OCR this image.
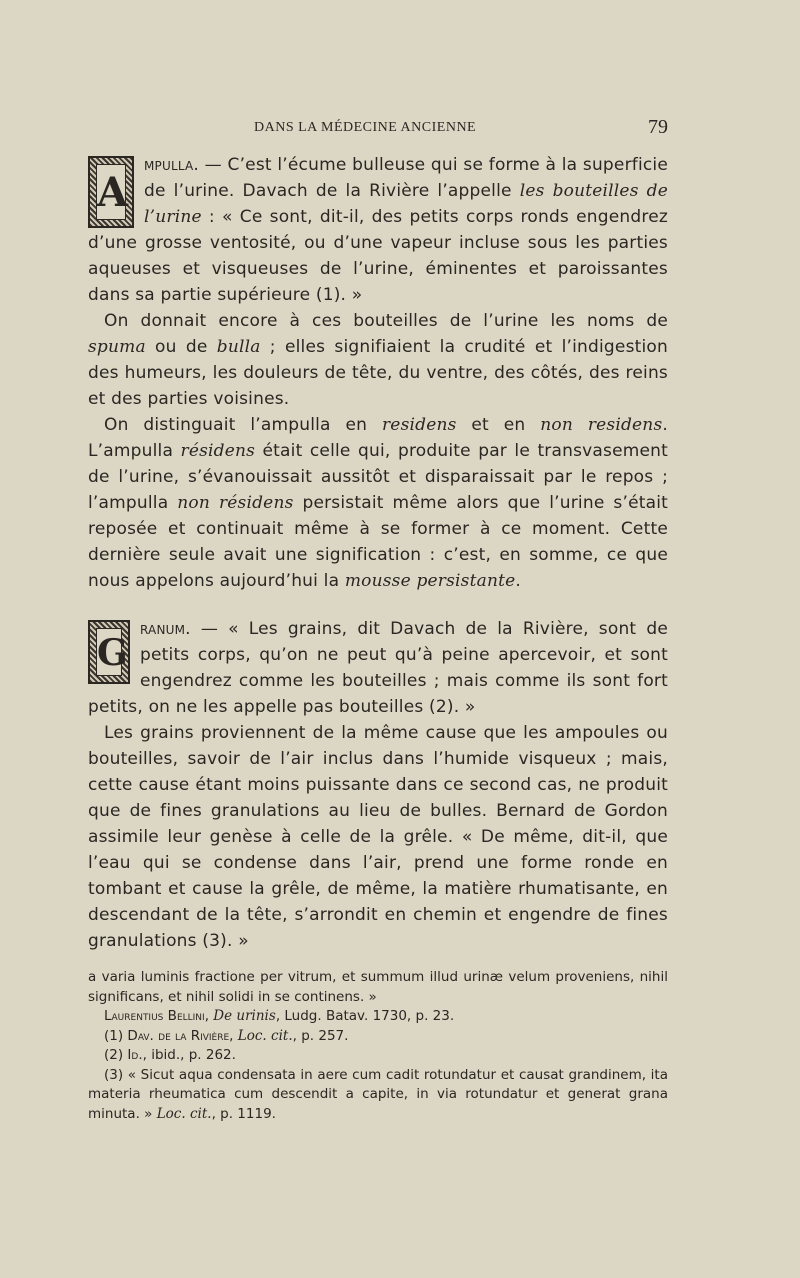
DANS LA MÉDECINE ANCIENNE	79

A
mpulla. — C’est l’écume bulleuse qui se forme à la superficie de l’urine. Davach de la Rivière l’appelle les bouteilles de l’urine : « Ce sont, dit-il, des petits corps ronds engendrez d’une grosse ventosité, ou d’une vapeur incluse sous les parties aqueuses et visqueuses de l’urine, éminentes et paroissantes dans sa partie supérieure (1). »

On donnait encore à ces bouteilles de l’urine les noms de spuma ou de bulla ; elles signifiaient la crudité et l’indigestion des humeurs, les douleurs de tête, du ventre, des côtés, des reins et des parties voisines.

On distinguait l’ampulla en residens et en non residens. L’ampulla résidens était celle qui, produite par le transvasement de l’urine, s’évanouissait aussitôt et disparaissait par le repos ; l’ampulla non résidens persistait même alors que l’urine s’était reposée et continuait même à se former à ce moment. Cette dernière seule avait une signification : c’est, en somme, ce que nous appelons aujourd’hui la mousse persistante.

G
ranum. — « Les grains, dit Davach de la Rivière, sont de petits corps, qu’on ne peut qu’à peine apercevoir, et sont engendrez comme les bouteilles ; mais comme ils sont fort petits, on ne les appelle pas bouteilles (2). »

Les grains proviennent de la même cause que les ampoules ou bouteilles, savoir de l’air inclus dans l’humide visqueux ; mais, cette cause étant moins puissante dans ce second cas, ne produit que de fines granulations au lieu de bulles. Bernard de Gordon assimile leur genèse à celle de la grêle. « De même, dit-il, que l’eau qui se condense dans l’air, prend une forme ronde en tombant et cause la grêle, de même, la matière rhumatisante, en descendant de la tête, s’arrondit en chemin et engendre de fines granulations (3). »

a varia luminis fractione per vitrum, et summum illud urinæ velum proveniens, nihil significans, et nihil solidi in se continens. »

Laurentius Bellini, De urinis, Ludg. Batav. 1730, p. 23.

(1) Dav. de la Rivière, Loc. cit., p. 257.

(2) Id., ibid., p. 262.

(3) « Sicut aqua condensata in aere cum cadit rotundatur et causat grandinem, ita materia rheumatica cum descendit a capite, in via rotundatur et generat grana minuta. » Loc. cit., p. 1119.
